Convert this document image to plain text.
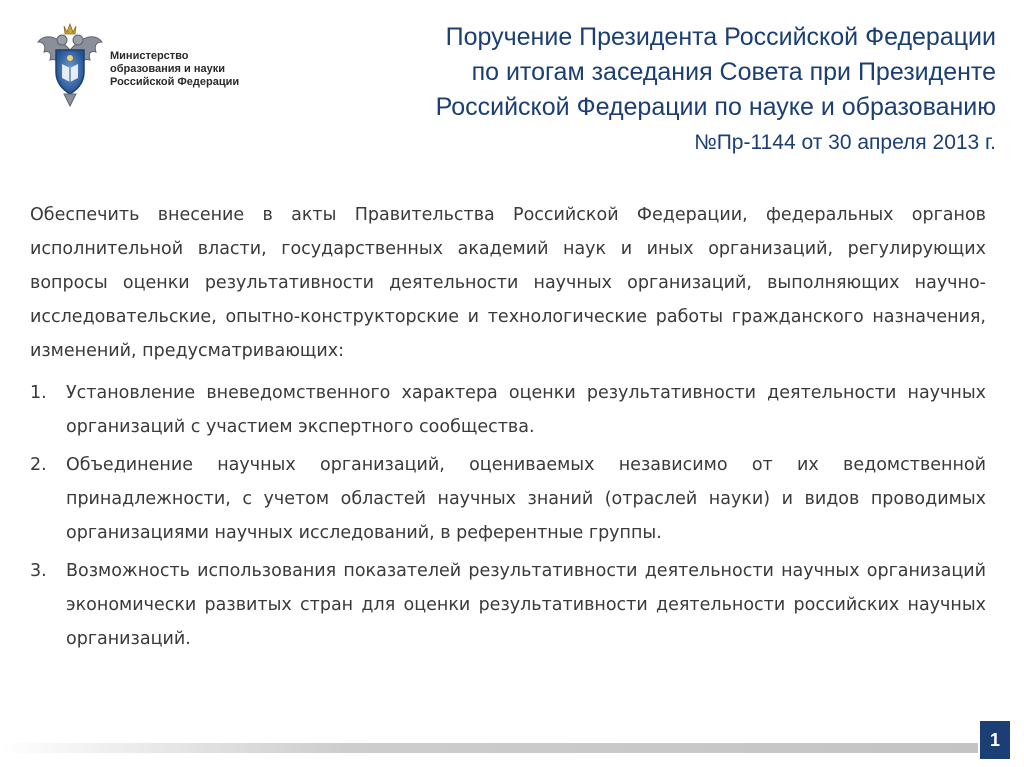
Министерство
образования и науки
Российской Федерации
Поручение Президента Российской Федерации
по итогам заседания Совета при Президенте
Российской Федерации по науке и образованию
№Пр-1144 от 30 апреля 2013 г.

Обеспечить внесение в акты Правительства Российской Федерации, федеральных органов исполнительной власти, государственных академий наук и иных организаций, регулирующих вопросы оценки результативности деятельности научных организаций, выполняющих научно-исследовательские, опытно-конструкторские и технологические работы гражданского назначения, изменений, предусматривающих:

1. Установление вневедомственного характера оценки результативности деятельности научных организаций с участием экспертного сообщества.
2. Объединение научных организаций, оцениваемых независимо от их ведомственной принадлежности, с учетом областей научных знаний (отраслей науки) и видов проводимых организациями научных исследований, в референтные группы.
3. Возможность использования показателей результативности деятельности научных организаций экономически развитых стран для оценки результативности деятельности российских научных организаций.
1
